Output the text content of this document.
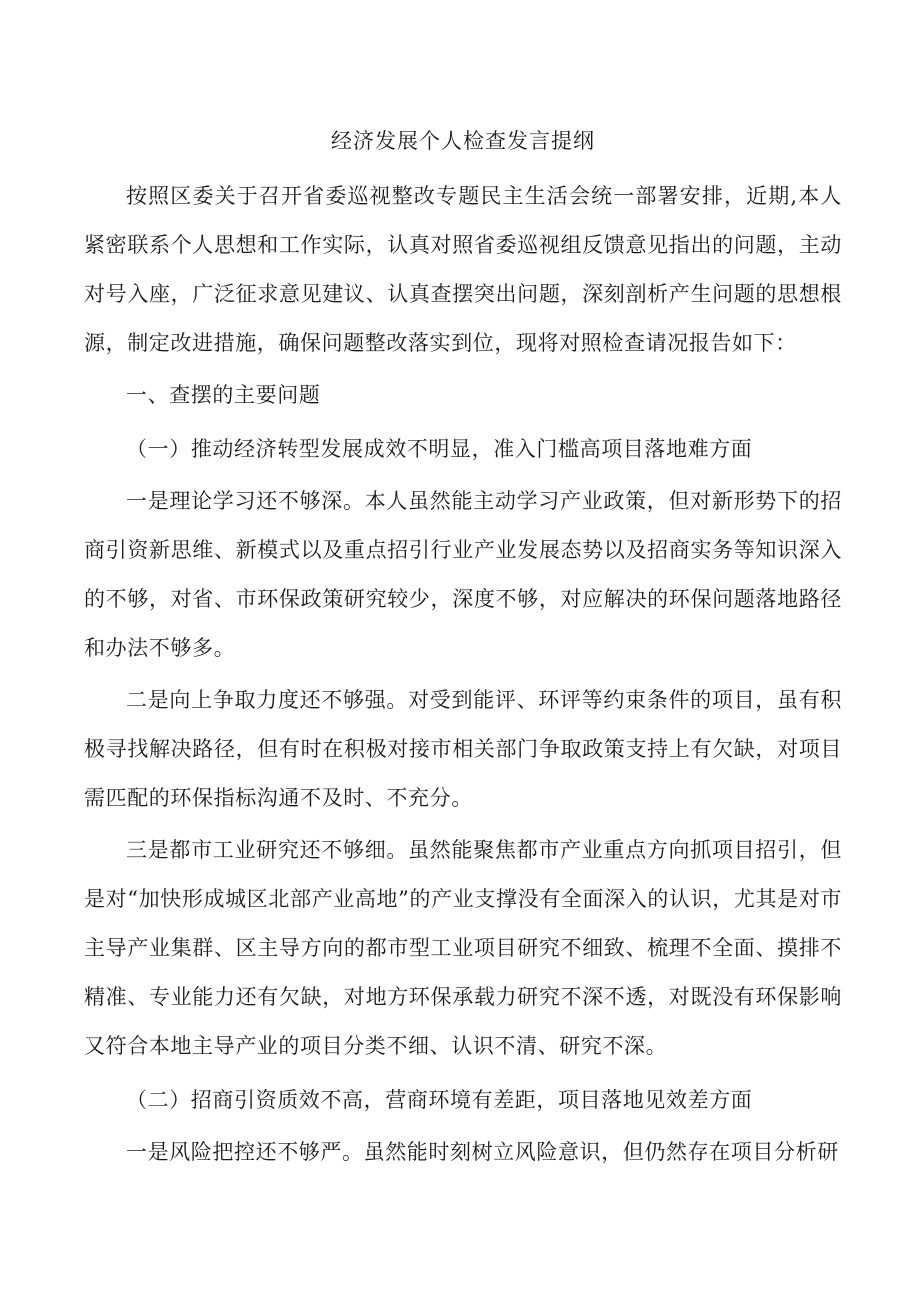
经济发展个人检查发言提纲

按照区委关于召开省委巡视整改专题民主生活会统一部署安排，近期,本人紧密联系个人思想和工作实际，认真对照省委巡视组反馈意见指出的问题，主动对号入座，广泛征求意见建议、认真查摆突出问题，深刻剖析产生问题的思想根源，制定改进措施，确保问题整改落实到位，现将对照检查请况报告如下：

一、查摆的主要问题

（一）推动经济转型发展成效不明显，准入门槛高项目落地难方面

一是理论学习还不够深。本人虽然能主动学习产业政策，但对新形势下的招商引资新思维、新模式以及重点招引行业产业发展态势以及招商实务等知识深入的不够，对省、市环保政策研究较少，深度不够，对应解决的环保问题落地路径和办法不够多。

二是向上争取力度还不够强。对受到能评、环评等约束条件的项目，虽有积极寻找解决路径，但有时在积极对接市相关部门争取政策支持上有欠缺，对项目需匹配的环保指标沟通不及时、不充分。

三是都市工业研究还不够细。虽然能聚焦都市产业重点方向抓项目招引，但是对“加快形成城区北部产业高地”的产业支撑没有全面深入的认识，尤其是对市主导产业集群、区主导方向的都市型工业项目研究不细致、梳理不全面、摸排不精准、专业能力还有欠缺，对地方环保承载力研究不深不透，对既没有环保影响又符合本地主导产业的项目分类不细、认识不清、研究不深。

（二）招商引资质效不高，营商环境有差距，项目落地见效差方面

一是风险把控还不够严。虽然能时刻树立风险意识，但仍然存在项目分析研
